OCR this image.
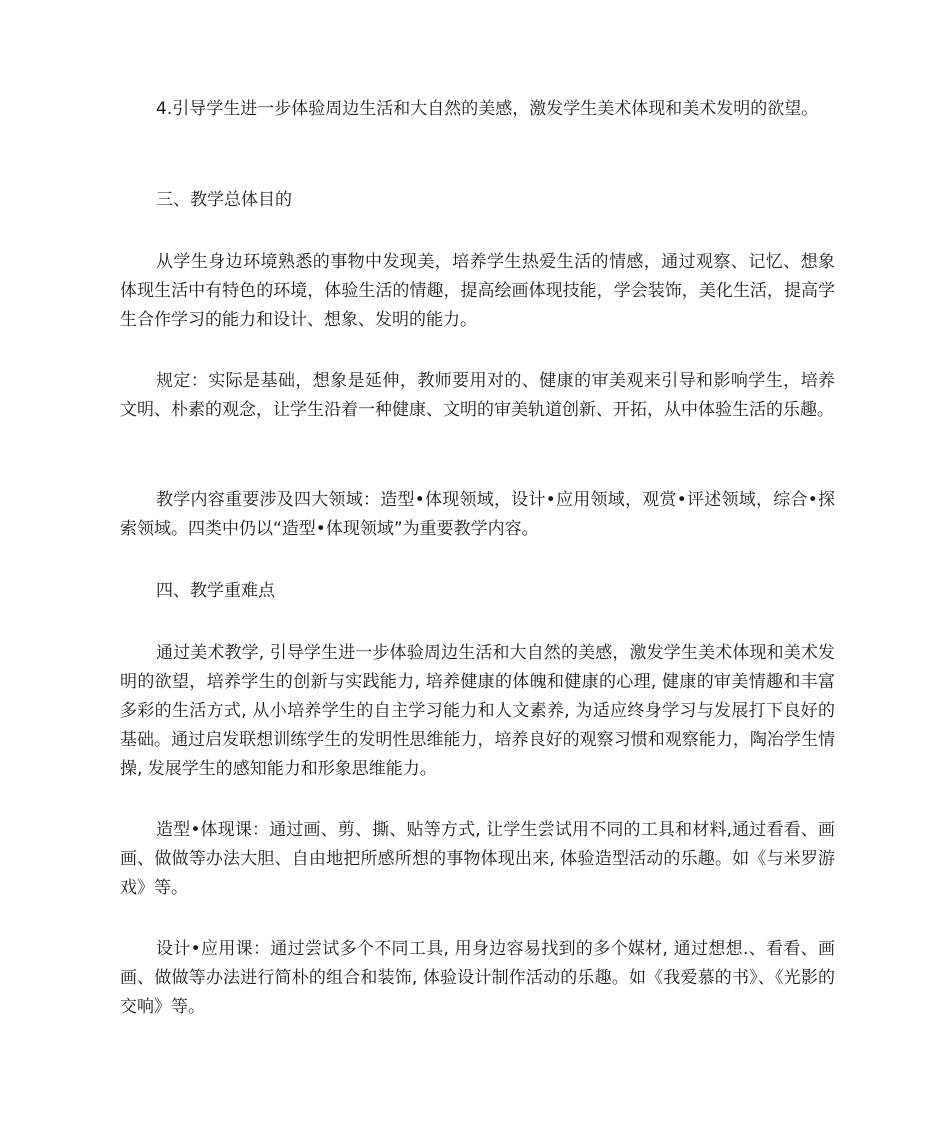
4.引导学生进一步体验周边生活和大自然的美感，激发学生美术体现和美术发明的欲望。

三、教学总体目的

从学生身边环境熟悉的事物中发现美，培养学生热爱生活的情感，通过观察、记忆、想象体现生活中有特色的环境，体验生活的情趣，提高绘画体现技能，学会装饰，美化生活，提高学生合作学习的能力和设计、想象、发明的能力。

规定：实际是基础，想象是延伸，教师要用对的、健康的审美观来引导和影响学生，培养文明、朴素的观念，让学生沿着一种健康、文明的审美轨道创新、开拓，从中体验生活的乐趣。

教学内容重要涉及四大领域：造型•体现领域，设计•应用领域，观赏•评述领域，综合•探索领域。四类中仍以“造型•体现领域”为重要教学内容。

四、教学重难点

通过美术教学, 引导学生进一步体验周边生活和大自然的美感，激发学生美术体现和美术发明的欲望，培养学生的创新与实践能力, 培养健康的体魄和健康的心理, 健康的审美情趣和丰富多彩的生活方式, 从小培养学生的自主学习能力和人文素养, 为适应终身学习与发展打下良好的基础。通过启发联想训练学生的发明性思维能力，培养良好的观察习惯和观察能力，陶冶学生情操, 发展学生的感知能力和形象思维能力。

造型•体现课：通过画、剪、撕、贴等方式, 让学生尝试用不同的工具和材料,通过看看、画画、做做等办法大胆、自由地把所感所想的事物体现出来, 体验造型活动的乐趣。如《与米罗游戏》等。

设计•应用课：通过尝试多个不同工具, 用身边容易找到的多个媒材, 通过想想.、看看、画画、做做等办法进行简朴的组合和装饰, 体验设计制作活动的乐趣。如《我爱慕的书》、《光影的交响》等。
